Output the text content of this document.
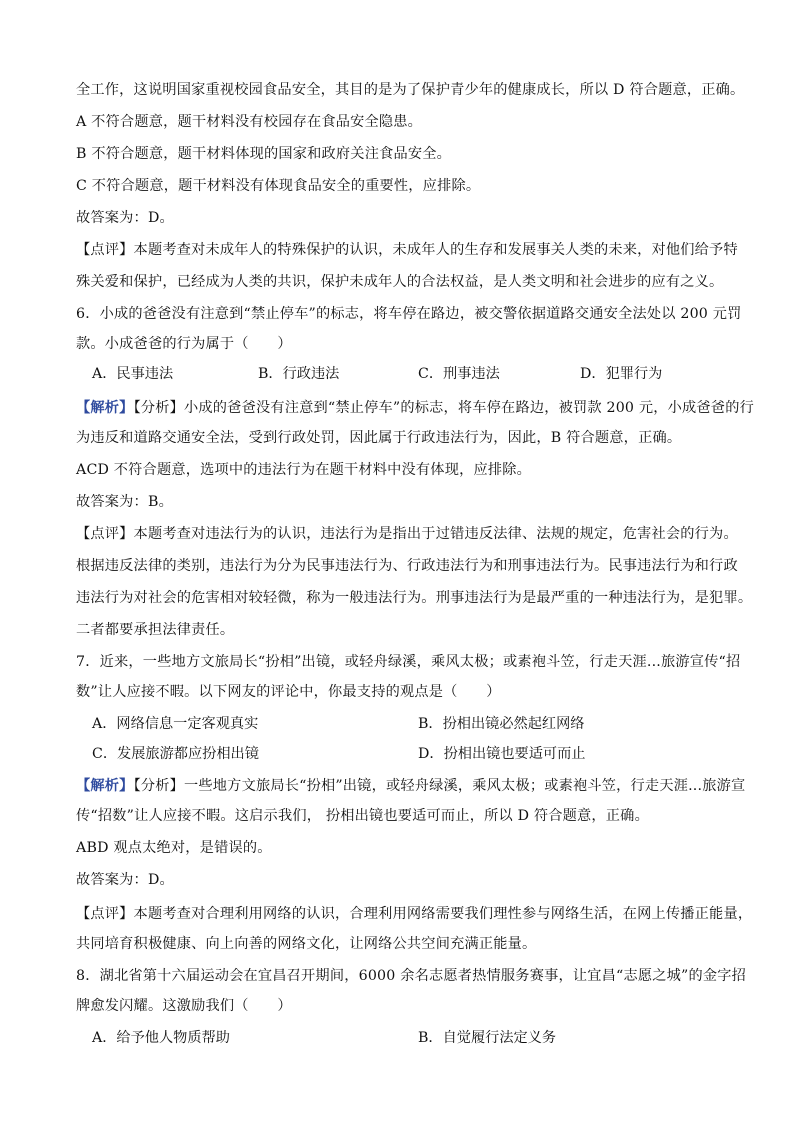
全工作，这说明国家重视校园食品安全，其目的是为了保护青少年的健康成长，所以 D 符合题意，正确。
A 不符合题意，题干材料没有校园存在食品安全隐患。
B 不符合题意，题干材料体现的国家和政府关注食品安全。
C 不符合题意，题干材料没有体现食品安全的重要性，应排除。
故答案为：D。
【点评】本题考查对未成年人的特殊保护的认识，未成年人的生存和发展事关人类的未来，对他们给予特
殊关爱和保护，已经成为人类的共识，保护未成年人的合法权益，是人类文明和社会进步的应有之义。
6．小成的爸爸没有注意到“禁止停车”的标志，将车停在路边，被交警依据道路交通安全法处以 200 元罚
款。小成爸爸的行为属于（　　）
A．民事违法	B．行政违法	C．刑事违法	D．犯罪行为
【解析】【分析】小成的爸爸没有注意到“禁止停车”的标志，将车停在路边，被罚款 200 元，小成爸爸的行
为违反和道路交通安全法，受到行政处罚，因此属于行政违法行为，因此，B 符合题意，正确。
ACD 不符合题意，选项中的违法行为在题干材料中没有体现，应排除。
故答案为：B。
【点评】本题考查对违法行为的认识，违法行为是指出于过错违反法律、法规的规定，危害社会的行为。
根据违反法律的类别，违法行为分为民事违法行为、行政违法行为和刑事违法行为。民事违法行为和行政
违法行为对社会的危害相对较轻微，称为一般违法行为。刑事违法行为是最严重的一种违法行为，是犯罪。
二者都要承担法律责任。
7．近来，一些地方文旅局长“扮相”出镜，或轻舟绿溪，乘风太极；或素袍斗笠，行走天涯...旅游宣传“招
数”让人应接不暇。以下网友的评论中，你最支持的观点是（　　）
A．网络信息一定客观真实	B．扮相出镜必然起红网络
C．发展旅游都应扮相出镜	D．扮相出镜也要适可而止
【解析】【分析】一些地方文旅局长“扮相”出镜，或轻舟绿溪，乘风太极；或素袍斗笠，行走天涯...旅游宣
传“招数”让人应接不暇。这启示我们， 扮相出镜也要适可而止，所以 D 符合题意，正确。
ABD 观点太绝对，是错误的。
故答案为：D。
【点评】本题考查对合理利用网络的认识，合理利用网络需要我们理性参与网络生活，在网上传播正能量，
共同培育积极健康、向上向善的网络文化，让网络公共空间充满正能量。
8．湖北省第十六届运动会在宜昌召开期间，6000 余名志愿者热情服务赛事，让宜昌“志愿之城”的金字招
牌愈发闪耀。这激励我们（　　）
A．给予他人物质帮助	B．自觉履行法定义务
